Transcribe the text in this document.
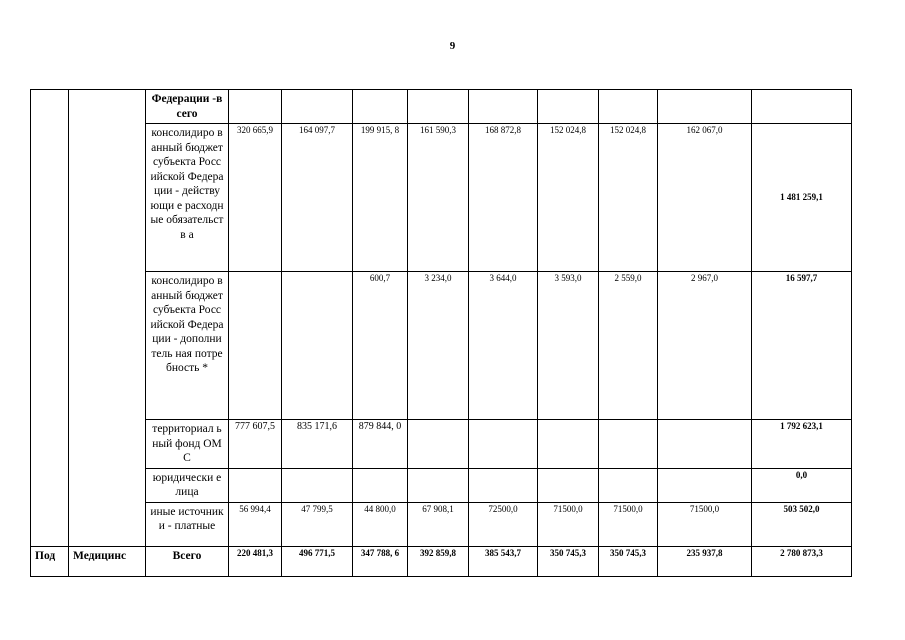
9
		Федерации -всего									
		консолидиро ванный бюджет субъекта Российской Федерации - действующи е расходные обязательств а	320 665,9	164 097,7	199 915, 8	161 590,3	168 872,8	152 024,8	152 024,8	162 067,0	1 481 259,1
		консолидиро ванный бюджет субъекта Российской Федерации - дополнитель ная потребность *			600,7	3 234,0	3 644,0	3 593,0	2 559,0	2 967,0	16 597,7
		территориал ьный фонд ОМС	777 607,5	835 171,6	879 844, 0						1 792 623,1
		юридически е лица									0,0
		иные источники - платные	56 994,4	47 799,5	44 800,0	67 908,1	72500,0	71500,0	71500,0	71500,0	503 502,0
Под	Медицинс	Всего	220 481,3	496 771,5	347 788, 6	392 859,8	385 543,7	350 745,3	350 745,3	235 937,8	2 780 873,3
